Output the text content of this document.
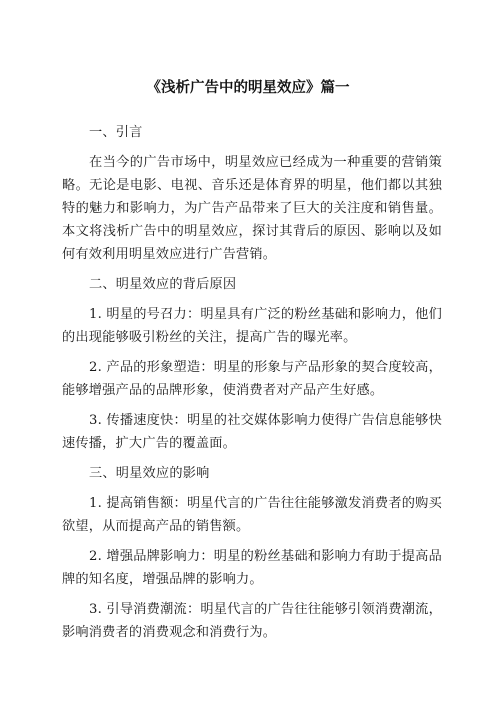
《浅析广告中的明星效应》篇一

一、引言

在当今的广告市场中，明星效应已经成为一种重要的营销策略。无论是电影、电视、音乐还是体育界的明星，他们都以其独特的魅力和影响力，为广告产品带来了巨大的关注度和销售量。本文将浅析广告中的明星效应，探讨其背后的原因、影响以及如何有效利用明星效应进行广告营销。

二、明星效应的背后原因

1. 明星的号召力：明星具有广泛的粉丝基础和影响力，他们的出现能够吸引粉丝的关注，提高广告的曝光率。

2. 产品的形象塑造：明星的形象与产品形象的契合度较高，能够增强产品的品牌形象，使消费者对产品产生好感。

3. 传播速度快：明星的社交媒体影响力使得广告信息能够快速传播，扩大广告的覆盖面。

三、明星效应的影响

1. 提高销售额：明星代言的广告往往能够激发消费者的购买欲望，从而提高产品的销售额。

2. 增强品牌影响力：明星的粉丝基础和影响力有助于提高品牌的知名度，增强品牌的影响力。

3. 引导消费潮流：明星代言的广告往往能够引领消费潮流，影响消费者的消费观念和消费行为。
